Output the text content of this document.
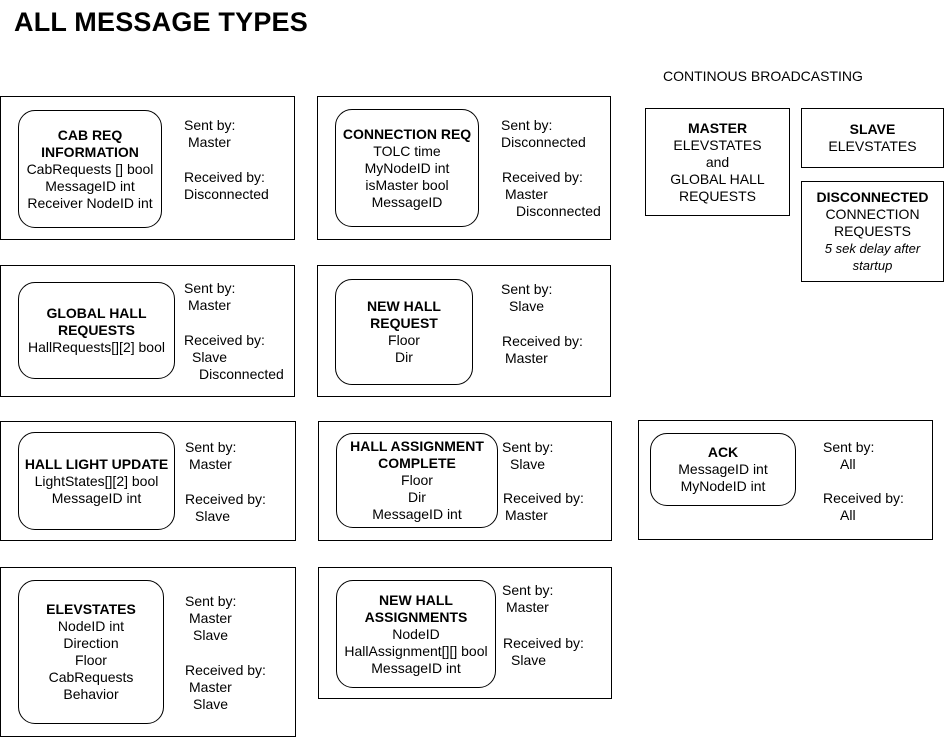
ALL MESSAGE TYPES
CONTINOUS BROADCASTING
CAB REQ INFORMATION
CabRequests [] bool
MessageID int
Receiver NodeID int
Sent by:
Master
Received by:
Disconnected
CONNECTION REQ
TOLC time
MyNodeID int
isMaster bool
MessageID
Sent by:
Disconnected
Received by:
Master
Disconnected
GLOBAL HALL REQUESTS
HallRequests[][2] bool
Sent by:
Master
Received by:
Slave
Disconnected
NEW HALL REQUEST
Floor
Dir
Sent by:
Slave
Received by:
Master
HALL LIGHT UPDATE
LightStates[][2] bool
MessageID int
Sent by:
Master
Received by:
Slave
HALL ASSIGNMENT COMPLETE
Floor
Dir
MessageID int
Sent by:
Slave
Received by:
Master
ACK
MessageID int
MyNodeID int
Sent by:
All
Received by:
All
ELEVSTATES
NodeID int
Direction
Floor
CabRequests
Behavior
Sent by:
Master
Slave
Received by:
Master
Slave
NEW HALL ASSIGNMENTS
NodeID
HallAssignment[][] bool
MessageID int
Sent by:
Master
Received by:
Slave
MASTER
ELEVSTATES
and
GLOBAL HALL
REQUESTS
SLAVE
ELEVSTATES
DISCONNECTED
CONNECTION
REQUESTS
5 sek delay after startup
